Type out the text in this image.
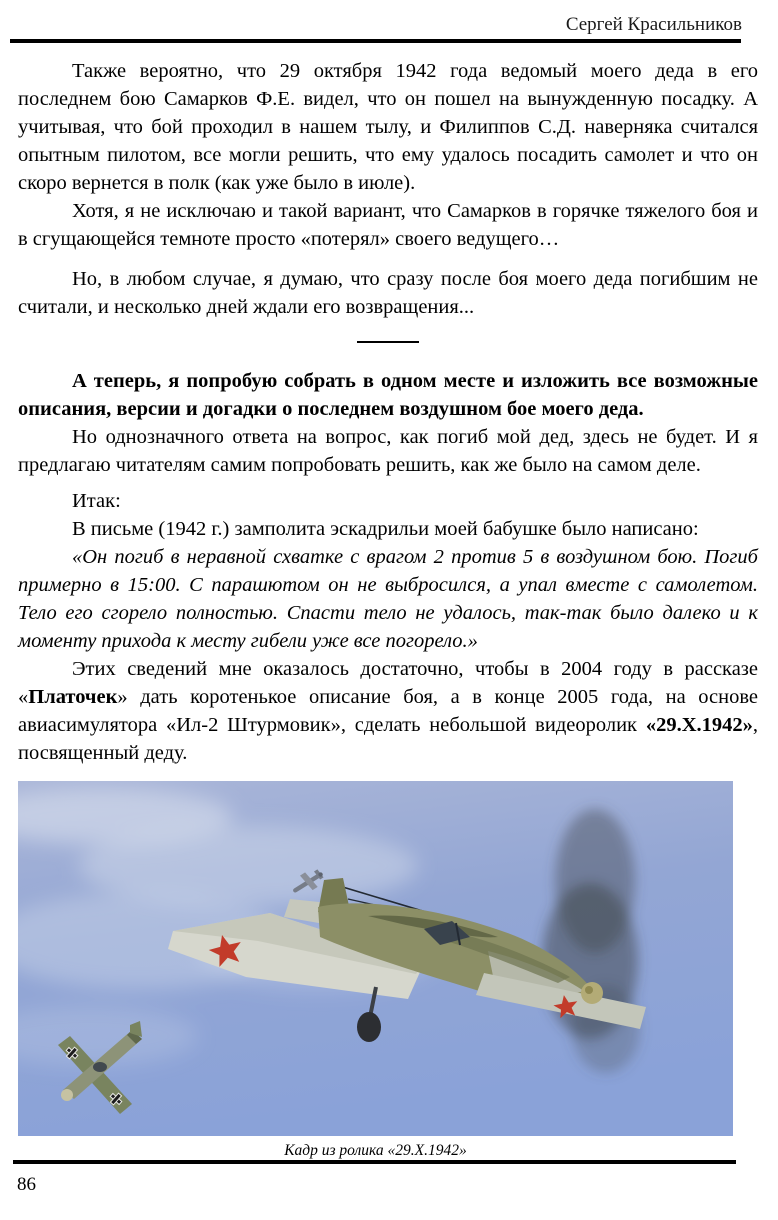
Сергей Красильников

Также вероятно, что 29 октября 1942 года ведомый моего деда в его последнем бою Самарков Ф.Е. видел, что он пошел на вынужденную посадку. А учитывая, что бой проходил в нашем тылу, и Филиппов С.Д. наверняка считался опытным пилотом, все могли решить, что ему удалось посадить самолет и что он скоро вернется в полк (как уже было в июле).

Хотя, я не исключаю и такой вариант, что Самарков в горячке тяжелого боя и в сгущающейся темноте просто «потерял» своего ведущего…

Но, в любом случае, я думаю, что сразу после боя моего деда погибшим не считали, и несколько дней ждали его возвращения...

А теперь, я попробую собрать в одном месте и изложить все возможные описания, версии и догадки о последнем воздушном бое моего деда.

Но однозначного ответа на вопрос, как погиб мой дед, здесь не будет. И я предлагаю читателям самим попробовать решить, как же было на самом деле.

Итак:

В письме (1942 г.) замполита эскадрильи моей бабушке было написано:

«Он погиб в неравной схватке с врагом 2 против 5 в воздушном бою. Погиб примерно в 15:00. С парашютом он не выбросился, а упал вместе с самолетом. Тело его сгорело полностью. Спасти тело не удалось, так-так было далеко и к моменту прихода к месту гибели уже все погорело.»

Этих сведений мне оказалось достаточно, чтобы в 2004 году в рассказе «Платочек» дать коротенькое описание боя, а в конце 2005 года, на основе авиасимулятора «Ил-2 Штурмовик», сделать небольшой видеоролик «29.Х.1942», посвященный деду.

Кадр из ролика «29.Х.1942»
86
